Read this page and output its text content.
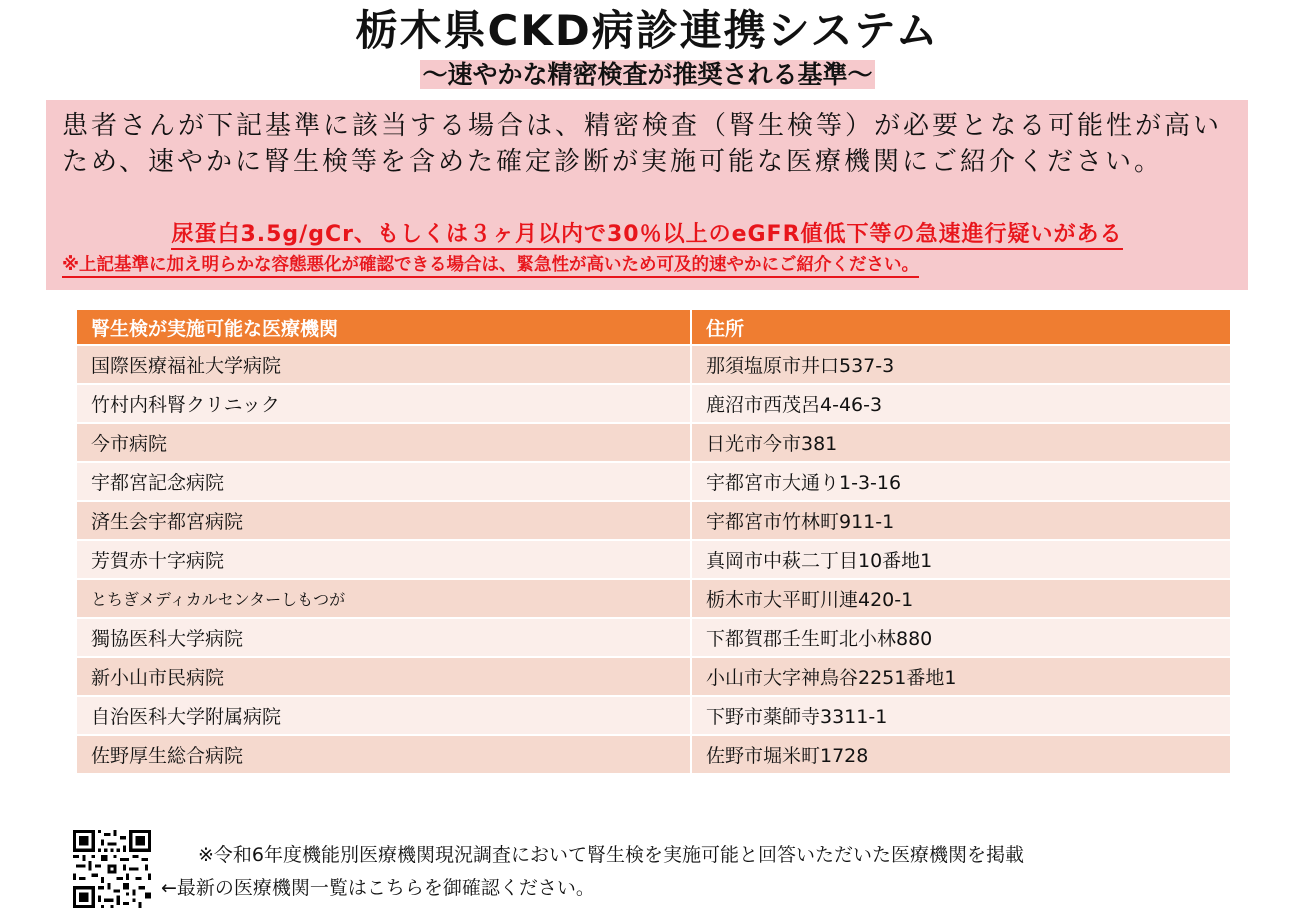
栃木県CKD病診連携システム
～速やかな精密検査が推奨される基準～
患者さんが下記基準に該当する場合は、精密検査（腎生検等）が必要となる可能性が高いため、速やかに腎生検等を含めた確定診断が実施可能な医療機関にご紹介ください。
尿蛋白3.5g/gCr、もしくは３ヶ月以内で30％以上のeGFR値低下等の急速進行疑いがある
※上記基準に加え明らかな容態悪化が確認できる場合は、緊急性が高いため可及的速やかにご紹介ください。
腎生検が実施可能な医療機関	住所
国際医療福祉大学病院	那須塩原市井口537-3
竹村内科腎クリニック	鹿沼市西茂呂4-46-3
今市病院	日光市今市381
宇都宮記念病院	宇都宮市大通り1-3-16
済生会宇都宮病院	宇都宮市竹林町911-1
芳賀赤十字病院	真岡市中萩二丁目10番地1
とちぎメディカルセンターしもつが	栃木市大平町川連420-1
獨協医科大学病院	下都賀郡壬生町北小林880
新小山市民病院	小山市大字神鳥谷2251番地1
自治医科大学附属病院	下野市薬師寺3311-1
佐野厚生総合病院	佐野市堀米町1728
※令和6年度機能別医療機関現況調査において腎生検を実施可能と回答いただいた医療機関を掲載
←最新の医療機関一覧はこちらを御確認ください。
